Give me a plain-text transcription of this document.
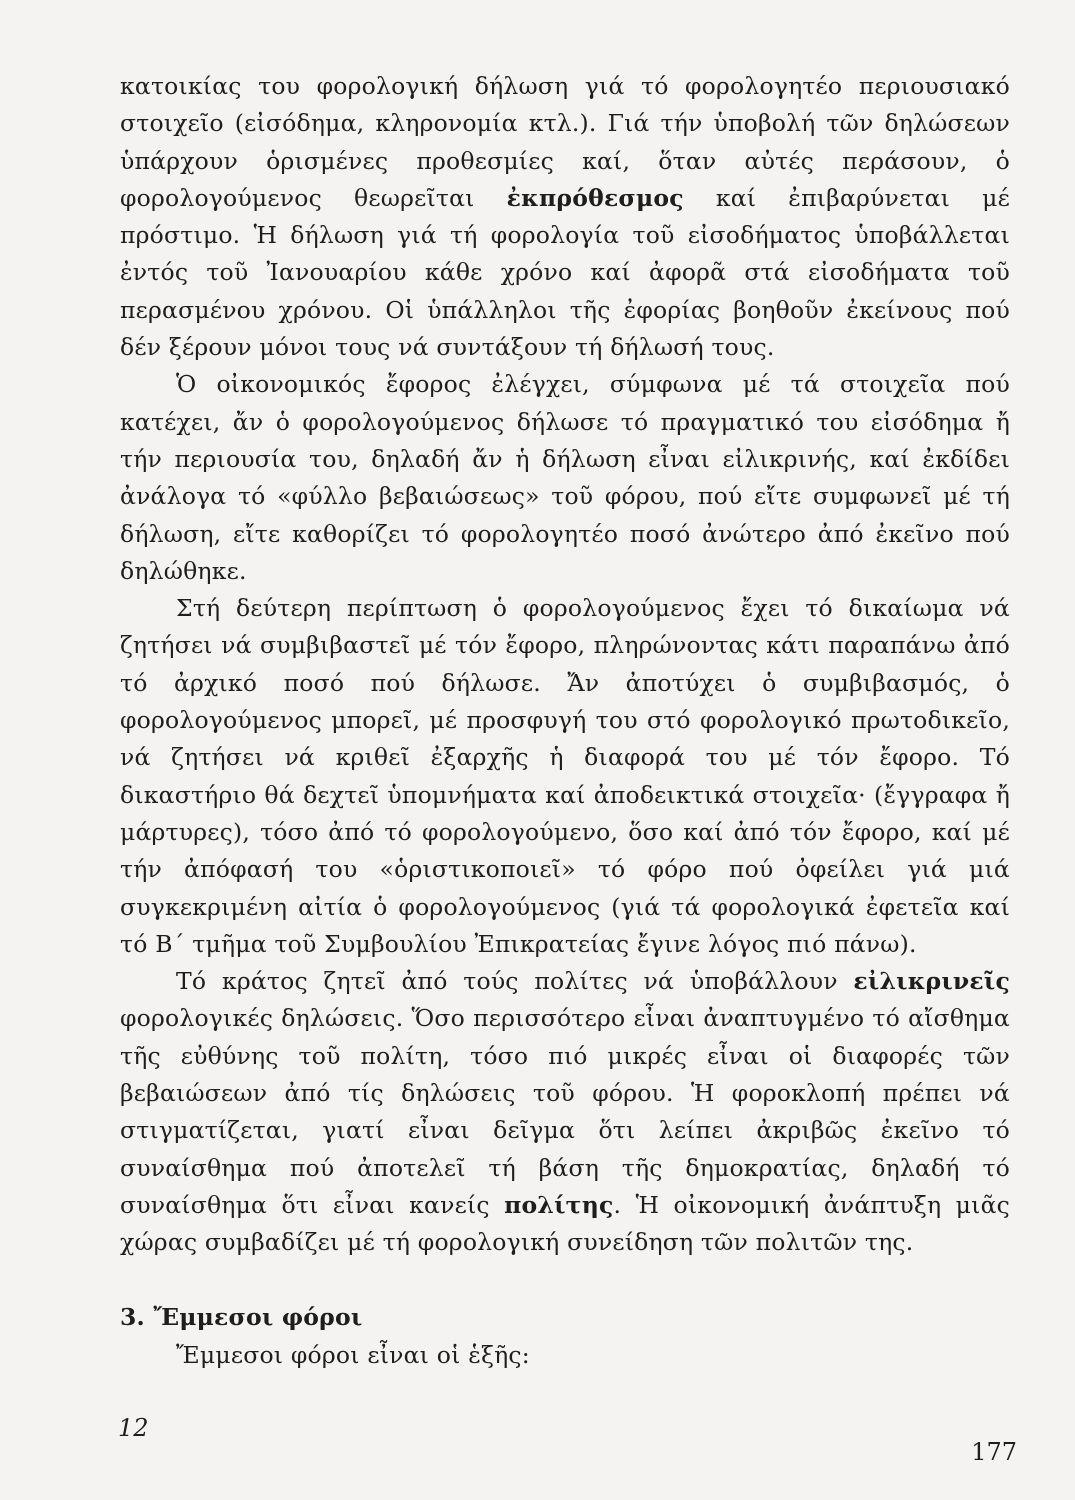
κατοικίας του φορολογική δήλωση γιά τό φορολογητέο περιουσιακό στοιχεῖο (εἰσόδημα, κληρονομία κτλ.). Γιά τήν ὑποβολή τῶν δηλώσεων ὑπάρχουν ὁρισμένες προθεσμίες καί, ὅταν αὐτές περάσουν, ὁ φορολογούμενος θεωρεῖται ἐκπρόθεσμος καί ἐπιβαρύνεται μέ πρόστιμο. Ἡ δήλωση γιά τή φορολογία τοῦ εἰσοδήματος ὑποβάλλεται ἐντός τοῦ Ἰανουαρίου κάθε χρόνο καί ἀφορᾶ στά εἰσοδήματα τοῦ περασμένου χρόνου. Οἱ ὑπάλληλοι τῆς ἐφορίας βοηθοῦν ἐκείνους πού δέν ξέρουν μόνοι τους νά συντάξουν τή δήλωσή τους.

Ὁ οἰκονομικός ἔφορος ἐλέγχει, σύμφωνα μέ τά στοιχεῖα πού κατέχει, ἄν ὁ φορολογούμενος δήλωσε τό πραγματικό του εἰσόδημα ἤ τήν περιουσία του, δηλαδή ἄν ἡ δήλωση εἶναι εἰλικρινής, καί ἐκδίδει ἀνάλογα τό «φύλλο βεβαιώσεως» τοῦ φόρου, πού εἴτε συμφωνεῖ μέ τή δήλωση, εἴτε καθορίζει τό φορολογητέο ποσό ἀνώτερο ἀπό ἐκεῖνο πού δηλώθηκε.

Στή δεύτερη περίπτωση ὁ φορολογούμενος ἔχει τό δικαίωμα νά ζητήσει νά συμβιβαστεῖ μέ τόν ἔφορο, πληρώνοντας κάτι παραπάνω ἀπό τό ἀρχικό ποσό πού δήλωσε. Ἄν ἀποτύχει ὁ συμβιβασμός, ὁ φορολογούμενος μπορεῖ, μέ προσφυγή του στό φορολογικό πρωτοδικεῖο, νά ζητήσει νά κριθεῖ ἐξαρχῆς ἡ διαφορά του μέ τόν ἔφορο. Τό δικαστήριο θά δεχτεῖ ὑπομνήματα καί ἀποδεικτικά στοιχεῖα· (ἔγγραφα ἤ μάρτυρες), τόσο ἀπό τό φορολογούμενο, ὅσο καί ἀπό τόν ἔφορο, καί μέ τήν ἀπόφασή του «ὁριστικοποιεῖ» τό φόρο πού ὀφείλει γιά μιά συγκεκριμένη αἰτία ὁ φορολογούμενος (γιά τά φορολογικά ἐφετεῖα καί τό Β΄ τμῆμα τοῦ Συμβουλίου Ἐπικρατείας ἔγινε λόγος πιό πάνω).

Τό κράτος ζητεῖ ἀπό τούς πολίτες νά ὑποβάλλουν εἰλικρινεῖς φορολογικές δηλώσεις. Ὅσο περισσότερο εἶναι ἀναπτυγμένο τό αἴσθημα τῆς εὐθύνης τοῦ πολίτη, τόσο πιό μικρές εἶναι οἱ διαφορές τῶν βεβαιώσεων ἀπό τίς δηλώσεις τοῦ φόρου. Ἡ φοροκλοπή πρέπει νά στιγματίζεται, γιατί εἶναι δεῖγμα ὅτι λείπει ἀκριβῶς ἐκεῖνο τό συναίσθημα πού ἀποτελεῖ τή βάση τῆς δημοκρατίας, δηλαδή τό συναίσθημα ὅτι εἶναι κανείς πολίτης. Ἡ οἰκονομική ἀνάπτυξη μιᾶς χώρας συμβαδίζει μέ τή φορολογική συνείδηση τῶν πολιτῶν της.

3. Ἔμμεσοι φόροι

Ἔμμεσοι φόροι εἶναι οἱ ἑξῆς:

12
177
